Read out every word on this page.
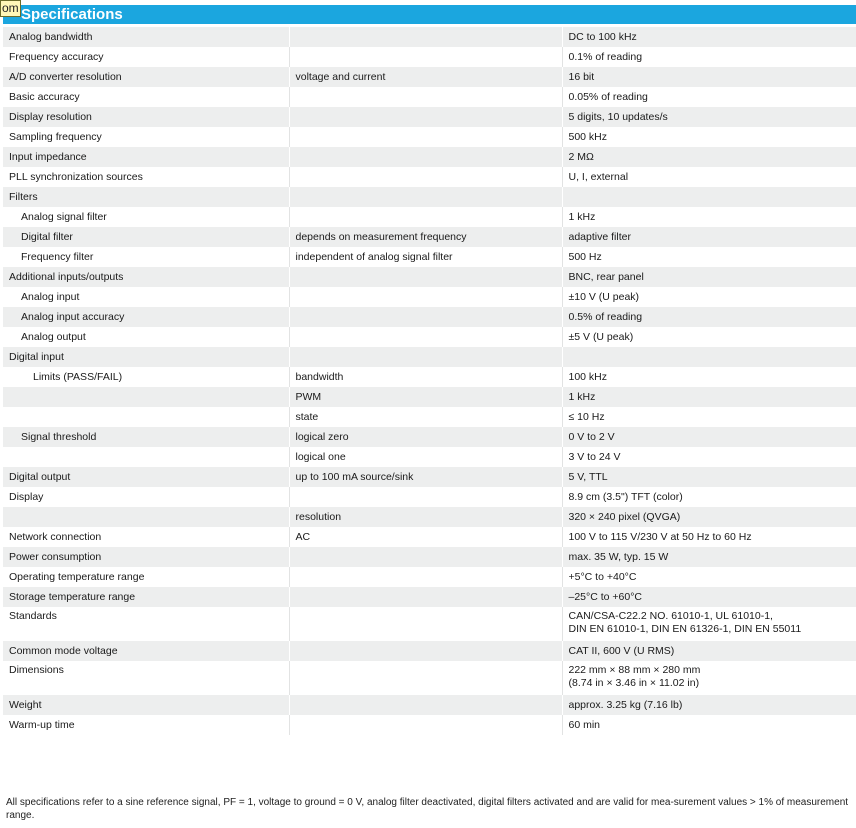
om Specifications
Analog bandwidth		DC to 100 kHz

Frequency accuracy		0.1% of reading

A/D converter resolution	voltage and current	16 bit

Basic accuracy		0.05% of reading

Display resolution		5 digits, 10 updates/s

Sampling frequency		500 kHz

Input impedance		2 MΩ

PLL synchronization sources		U, I, external

Filters		

Analog signal filter		1 kHz

Digital filter	depends on measurement frequency	adaptive filter

Frequency filter	independent of analog signal filter	500 Hz

Additional inputs/outputs		BNC, rear panel

Analog input		±10 V (U peak)

Analog input accuracy		0.5% of reading

Analog output		±5 V (U peak)

Digital input		

Limits (PASS/FAIL)	bandwidth	100 kHz

	PWM	1 kHz

	state	≤ 10 Hz

Signal threshold	logical zero	0 V to 2 V

	logical one	3 V to 24 V

Digital output	up to 100 mA source/sink	5 V, TTL

Display		8.9 cm (3.5") TFT (color)

	resolution	320 × 240 pixel (QVGA)

Network connection	AC	100 V to 115 V/230 V at 50 Hz to 60 Hz

Power consumption		max. 35 W, typ. 15 W

Operating temperature range		+5°C to +40°C

Storage temperature range		–25°C to +60°C

Standards		CAN/CSA-C22.2 NO. 61010-1, UL 61010-1,
DIN EN 61010-1, DIN EN 61326-1, DIN EN 55011

Common mode voltage		CAT II, 600 V (U RMS)

Dimensions		222 mm × 88 mm × 280 mm
(8.74 in × 3.46 in × 11.02 in)

Weight		approx. 3.25 kg (7.16 lb)

Warm-up time		60 min
All specifications refer to a sine reference signal, PF = 1, voltage to ground = 0 V, analog filter deactivated, digital filters activated and are valid for mea-surement values > 1% of measurement range.
